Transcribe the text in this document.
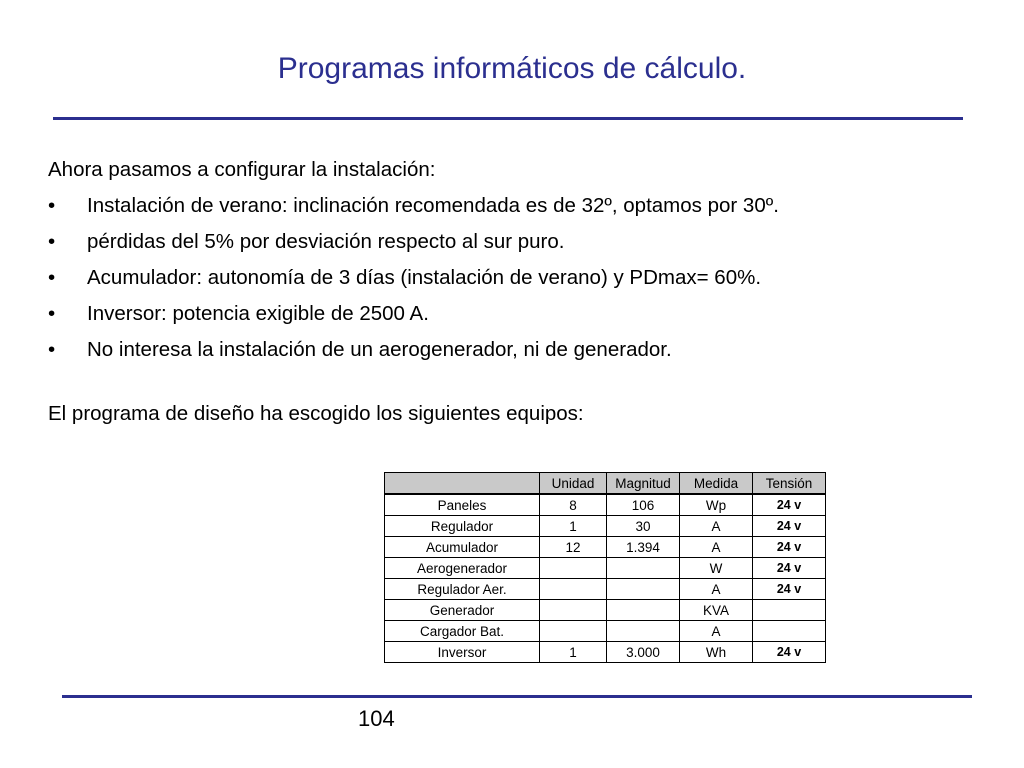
Programas informáticos de cálculo.
Ahora pasamos a configurar la instalación:
•	Instalación de verano: inclinación recomendada es de 32º, optamos por 30º.
•	pérdidas del 5% por desviación respecto al sur puro.
•	Acumulador: autonomía de 3 días (instalación de verano) y PDmax= 60%.
•	Inversor: potencia exigible de 2500 A.
•	No interesa la instalación de un aerogenerador, ni de generador.
El programa de diseño ha escogido los siguientes equipos:
	Unidad	Magnitud	Medida	Tensión
Paneles	8	106	Wp	24 v
Regulador	1	30	A	24 v
Acumulador	12	1.394	A	24 v
Aerogenerador			W	24 v
Regulador Aer.			A	24 v
Generador			KVA	
Cargador Bat.			A	
Inversor	1	3.000	Wh	24 v
104
